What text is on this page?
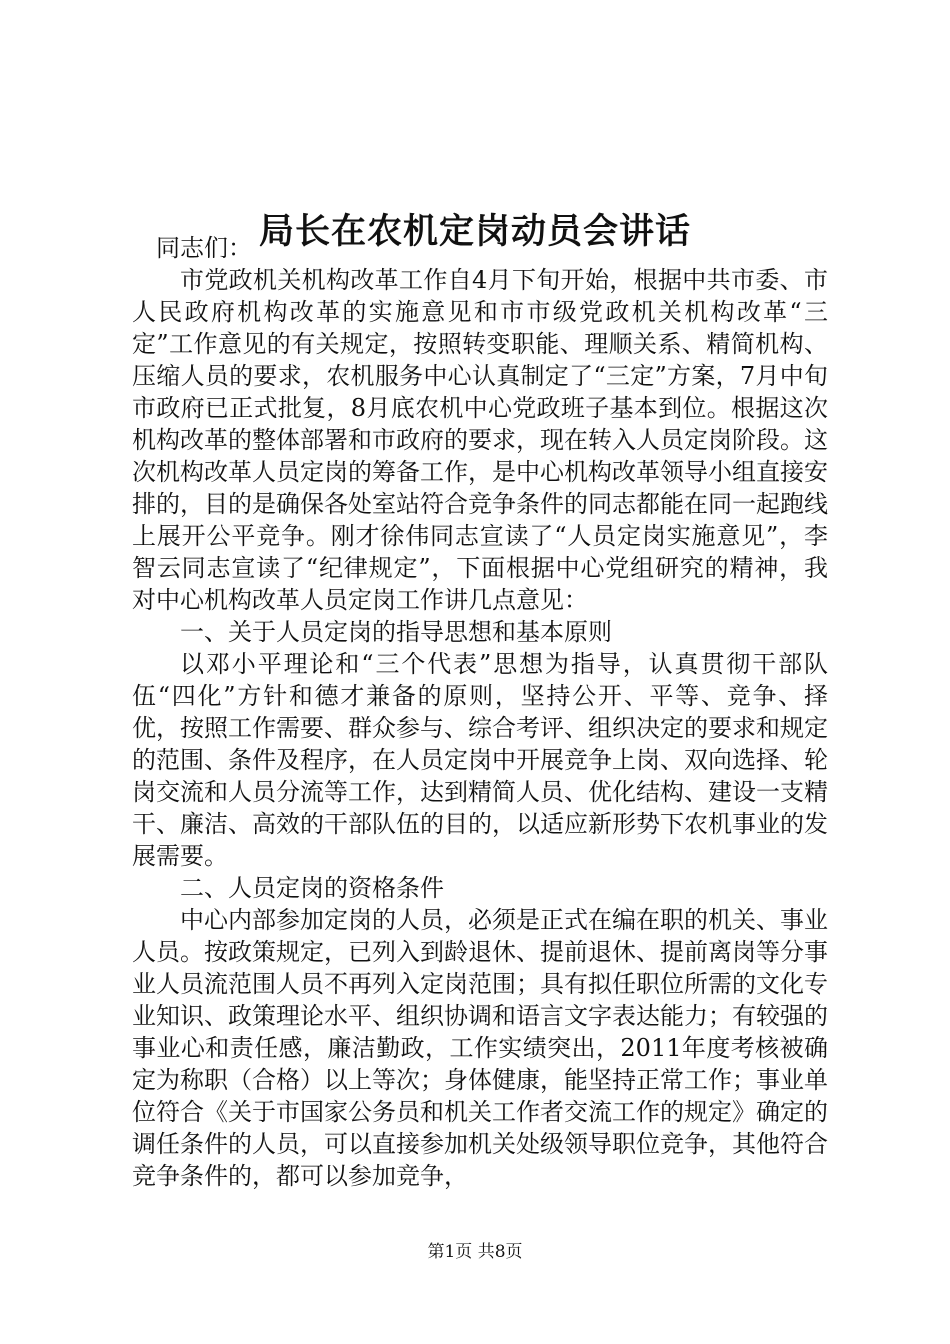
局长在农机定岗动员会讲话

同志们：

市党政机关机构改革工作自4月下旬开始，根据中共市委、市人民政府机构改革的实施意见和市市级党政机关机构改革“三定”工作意见的有关规定，按照转变职能、理顺关系、精简机构、压缩人员的要求，农机服务中心认真制定了“三定”方案，7月中旬市政府已正式批复，8月底农机中心党政班子基本到位。根据这次机构改革的整体部署和市政府的要求，现在转入人员定岗阶段。这次机构改革人员定岗的筹备工作，是中心机构改革领导小组直接安排的，目的是确保各处室站符合竞争条件的同志都能在同一起跑线上展开公平竞争。刚才徐伟同志宣读了“人员定岗实施意见”，李智云同志宣读了“纪律规定”，下面根据中心党组研究的精神，我对中心机构改革人员定岗工作讲几点意见：

一、关于人员定岗的指导思想和基本原则

以邓小平理论和“三个代表”思想为指导，认真贯彻干部队伍“四化”方针和德才兼备的原则，坚持公开、平等、竞争、择优，按照工作需要、群众参与、综合考评、组织决定的要求和规定的范围、条件及程序，在人员定岗中开展竞争上岗、双向选择、轮岗交流和人员分流等工作，达到精简人员、优化结构、建设一支精干、廉洁、高效的干部队伍的目的，以适应新形势下农机事业的发展需要。

二、人员定岗的资格条件

中心内部参加定岗的人员，必须是正式在编在职的机关、事业人员。按政策规定，已列入到龄退休、提前退休、提前离岗等分事业人员流范围人员不再列入定岗范围；具有拟任职位所需的文化专业知识、政策理论水平、组织协调和语言文字表达能力；有较强的事业心和责任感，廉洁勤政，工作实绩突出，2011年度考核被确定为称职（合格）以上等次；身体健康，能坚持正常工作；事业单位符合《关于市国家公务员和机关工作者交流工作的规定》确定的调任条件的人员，可以直接参加机关处级领导职位竞争，其他符合竞争条件的，都可以参加竞争，

第1页 共8页
